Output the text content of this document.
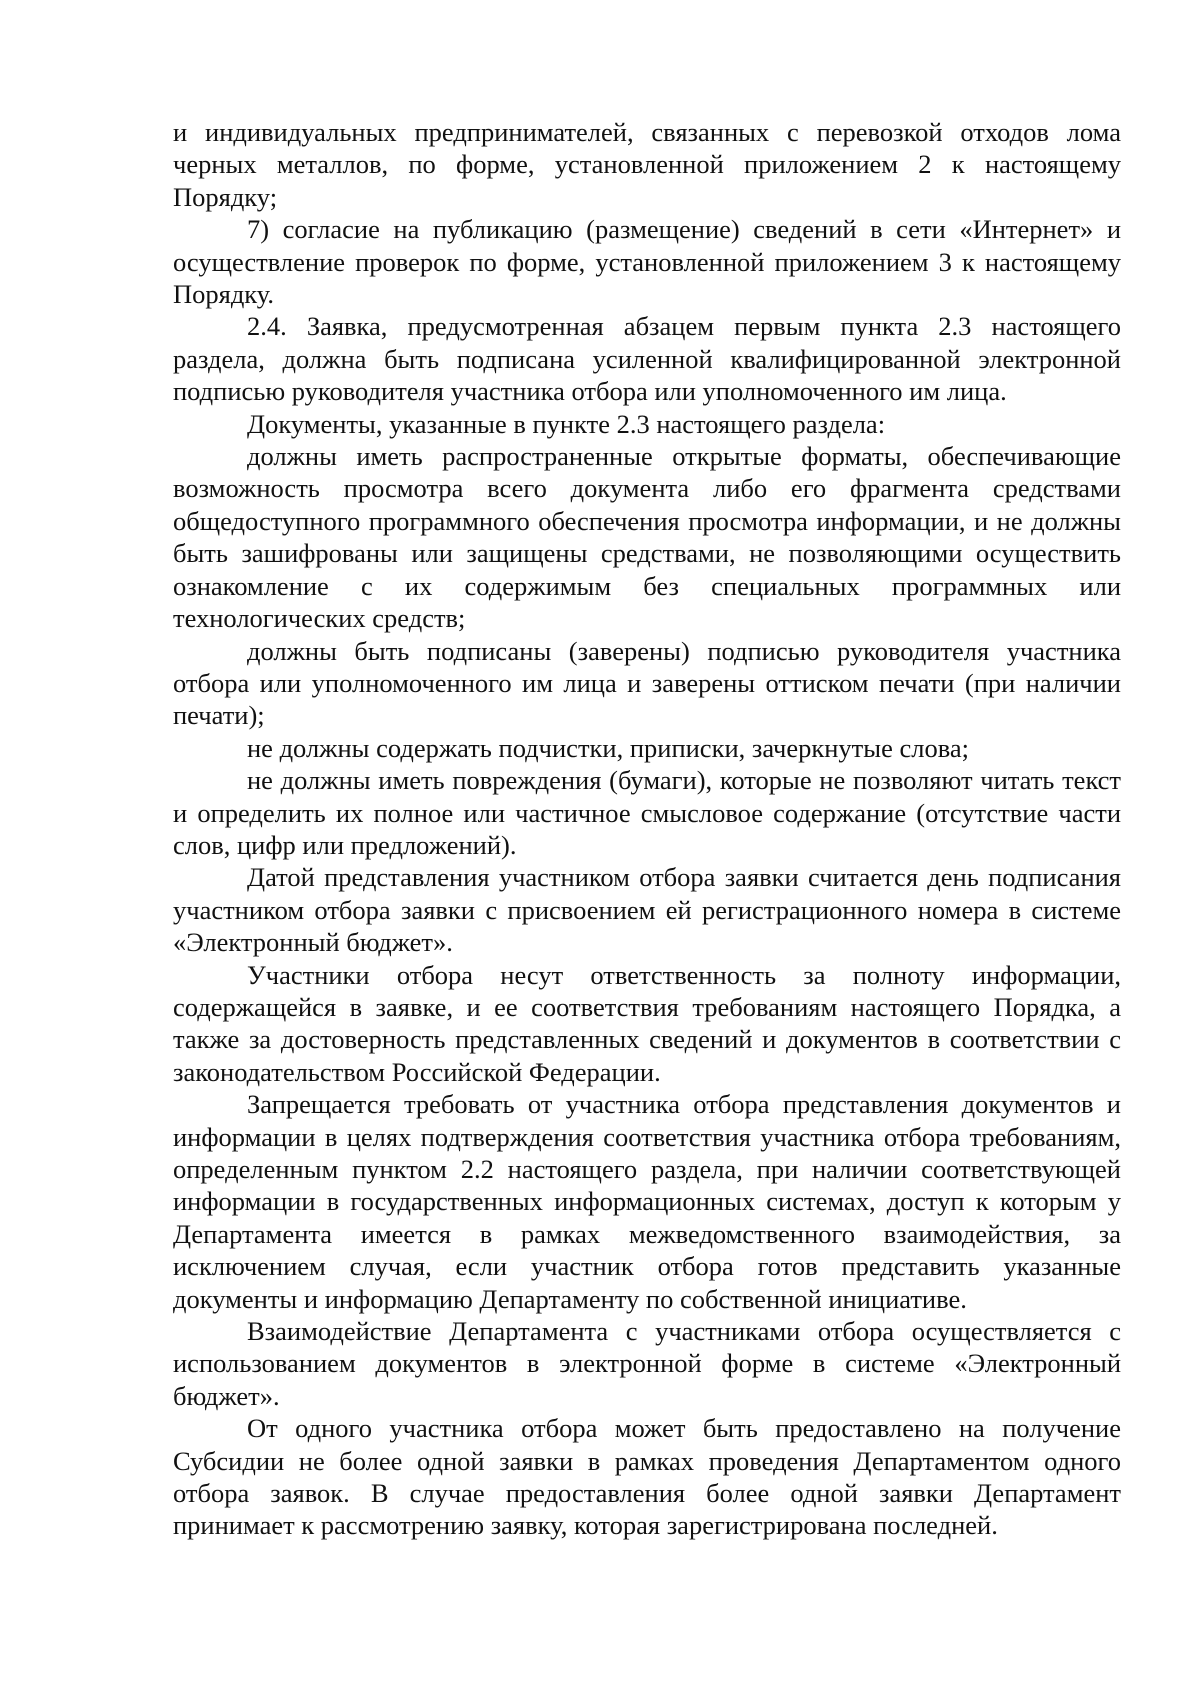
и индивидуальных предпринимателей, связанных с перевозкой отходов лома черных металлов, по форме, установленной приложением 2 к настоящему Порядку;

7) согласие на публикацию (размещение) сведений в сети «Интернет» и осуществление проверок по форме, установленной приложением 3 к настоящему Порядку.

2.4. Заявка, предусмотренная абзацем первым пункта 2.3 настоящего раздела, должна быть подписана усиленной квалифицированной электронной подписью руководителя участника отбора или уполномоченного им лица.

Документы, указанные в пункте 2.3 настоящего раздела:

должны иметь распространенные открытые форматы, обеспечивающие возможность просмотра всего документа либо его фрагмента средствами общедоступного программного обеспечения просмотра информации, и не должны быть зашифрованы или защищены средствами, не позволяющими осуществить ознакомление с их содержимым без специальных программных или технологических средств;

должны быть подписаны (заверены) подписью руководителя участника отбора или уполномоченного им лица и заверены оттиском печати (при наличии печати);

не должны содержать подчистки, приписки, зачеркнутые слова;

не должны иметь повреждения (бумаги), которые не позволяют читать текст и определить их полное или частичное смысловое содержание (отсутствие части слов, цифр или предложений).

Датой представления участником отбора заявки считается день подписания участником отбора заявки с присвоением ей регистрационного номера в системе «Электронный бюджет».

Участники отбора несут ответственность за полноту информации, содержащейся в заявке, и ее соответствия требованиям настоящего Порядка, а также за достоверность представленных сведений и документов в соответствии с законодательством Российской Федерации.

Запрещается требовать от участника отбора представления документов и информации в целях подтверждения соответствия участника отбора требованиям, определенным пунктом 2.2 настоящего раздела, при наличии соответствующей информации в государственных информационных системах, доступ к которым у Департамента имеется в рамках межведомственного взаимодействия, за исключением случая, если участник отбора готов представить указанные документы и информацию Департаменту по собственной инициативе.

Взаимодействие Департамента с участниками отбора осуществляется с использованием документов в электронной форме в системе «Электронный бюджет».

От одного участника отбора может быть предоставлено на получение Субсидии не более одной заявки в рамках проведения Департаментом одного отбора заявок. В случае предоставления более одной заявки Департамент принимает к рассмотрению заявку, которая зарегистрирована последней.
